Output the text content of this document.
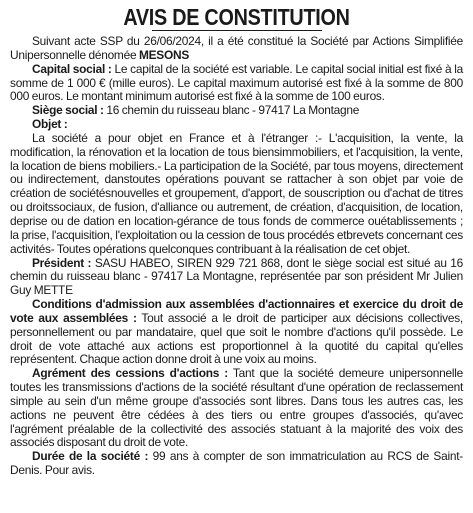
AVIS DE CONSTITUTION

Suivant acte SSP du 26/06/2024, il a été constitué la Société par Actions Simplifiée Unipersonnelle dénomée MESONS

Capital social : Le capital de la société est variable. Le capital social initial est fixé à la somme de 1 000 € (mille euros). Le capital maximum autorisé est fixé à la somme de 800 000 euros. Le montant minimum autorisé est fixé à la somme de 100 euros.

Siège social : 16 chemin du ruisseau blanc - 97417 La Montagne

Objet :

La société a pour objet en France et à l'étranger :- L'acquisition, la vente, la modification, la rénovation et la location de tous biensimmobiliers, et l'acquisition, la vente, la location de biens mobiliers.- La participation de la Société, par tous moyens, directement ou indirectement, danstoutes opérations pouvant se rattacher à son objet par voie de création de sociétésnouvelles et groupement, d'apport, de souscription ou d'achat de titres ou droitssociaux, de fusion, d'alliance ou autrement, de création, d'acquisition, de location, deprise ou de dation en location-gérance de tous fonds de commerce ouétablissements ; la prise, l'acquisition, l'exploitation ou la cession de tous procédés etbrevets concernant ces activités- Toutes opérations quelconques contribuant à la réalisation de cet objet.

Président : SASU HABEO, SIREN 929 721 868, dont le siège social est situé au 16 chemin du ruisseau blanc - 97417 La Montagne, représentée par son président Mr Julien Guy METTE

Conditions d'admission aux assemblées d'actionnaires et exercice du droit de vote aux assemblées : Tout associé a le droit de participer aux décisions collectives, personnellement ou par mandataire, quel que soit le nombre d'actions qu'il possède. Le droit de vote attaché aux actions est proportionnel à la quotité du capital qu'elles représentent. Chaque action donne droit à une voix au moins.

Agrément des cessions d'actions : Tant que la société demeure unipersonnelle toutes les transmissions d'actions de la société résultant d'une opération de reclassement simple au sein d'un même groupe d'associés sont libres. Dans tous les autres cas, les actions ne peuvent être cédées à des tiers ou entre groupes d'associés, qu'avec l'agrément préalable de la collectivité des associés statuant à la majorité des voix des associés disposant du droit de vote.

Durée de la société : 99 ans à compter de son immatriculation au RCS de Saint-Denis. Pour avis.
